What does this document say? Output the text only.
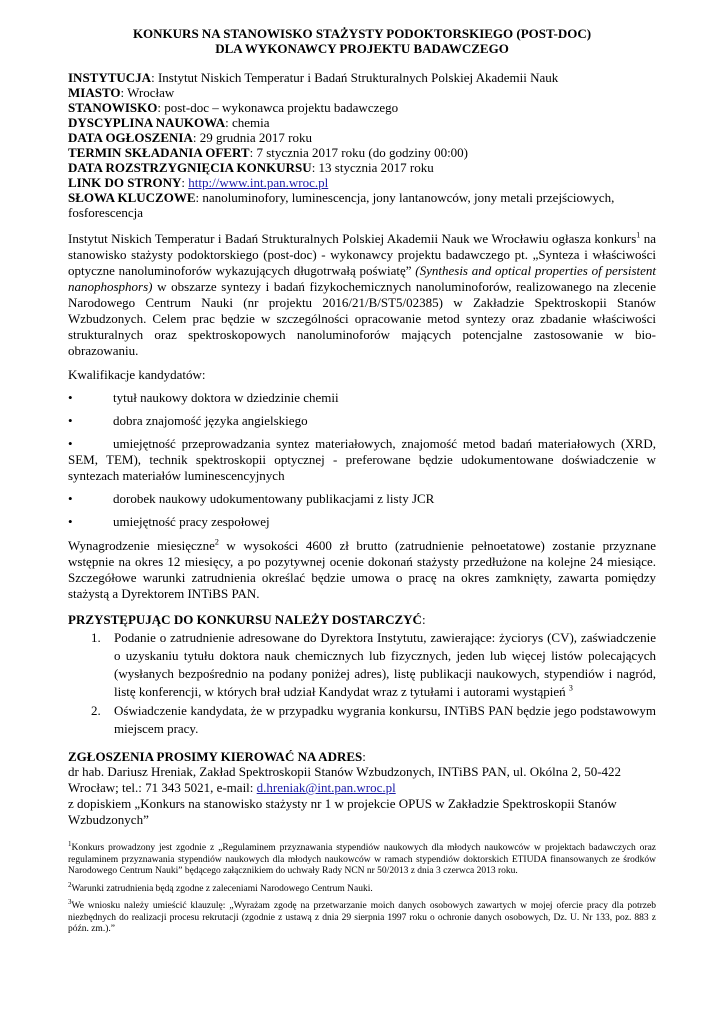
KONKURS NA STANOWISKO STAŻYSTY PODOKTORSKIEGO (POST-DOC)
DLA WYKONAWCY PROJEKTU BADAWCZEGO
INSTYTUCJA: Instytut Niskich Temperatur i Badań Strukturalnych Polskiej Akademii Nauk
MIASTO: Wrocław
STANOWISKO: post-doc – wykonawca projektu badawczego
DYSCYPLINA NAUKOWA: chemia
DATA OGŁOSZENIA: 29 grudnia 2017 roku
TERMIN SKŁADANIA OFERT: 7 stycznia 2017 roku (do godziny 00:00)
DATA ROZSTRZYGNIĘCIA KONKURSU: 13 stycznia 2017 roku
LINK DO STRONY: http://www.int.pan.wroc.pl
SŁOWA KLUCZOWE: nanoluminofory, luminescencja, jony lantanowców, jony metali przejściowych, fosforescencja

Instytut Niskich Temperatur i Badań Strukturalnych Polskiej Akademii Nauk we Wrocławiu ogłasza konkurs$^1$ na stanowisko stażysty podoktorskiego (post-doc) - wykonawcy projektu badawczego pt. „Synteza i właściwości optyczne nanoluminoforów wykazujących długotrwałą poświatę” (Synthesis and optical properties of persistent nanophosphors) w obszarze syntezy i badań fizykochemicznych nanoluminoforów, realizowanego na zlecenie Narodowego Centrum Nauki (nr projektu 2016/21/B/ST5/02385) w Zakładzie Spektroskopii Stanów Wzbudzonych. Celem prac będzie w szczególności opracowanie metod syntezy oraz zbadanie właściwości strukturalnych oraz spektroskopowych nanoluminoforów mających potencjalne zastosowanie w bio-obrazowaniu.

Kwalifikacje kandydatów:

•	tytuł naukowy doktora w dziedzinie chemii
•	dobra znajomość języka angielskiego
•	umiejętność przeprowadzania syntez materiałowych, znajomość metod badań materiałowych (XRD, SEM, TEM), technik spektroskopii optycznej - preferowane będzie udokumentowane doświadczenie w syntezach materiałów luminescencyjnych
•	dorobek naukowy udokumentowany publikacjami z listy JCR
•	umiejętność pracy zespołowej

Wynagrodzenie miesięczne$^2$ w wysokości 4600 zł brutto (zatrudnienie pełnoetatowe) zostanie przyznane wstępnie na okres 12 miesięcy, a po pozytywnej ocenie dokonań stażysty przedłużone na kolejne 24 miesiące. Szczegółowe warunki zatrudnienia określać będzie umowa o pracę na okres zamknięty, zawarta pomiędzy stażystą a Dyrektorem INTiBS PAN.

PRZYSTĘPUJĄC DO KONKURSU NALEŻY DOSTARCZYĆ:
1.	Podanie o zatrudnienie adresowane do Dyrektora Instytutu, zawierające: życiorys (CV), zaświadczenie o uzyskaniu tytułu doktora nauk chemicznych lub fizycznych, jeden lub więcej listów polecających (wysłanych bezpośrednio na podany poniżej adres), listę publikacji naukowych, stypendiów i nagród, listę konferencji, w których brał udział Kandydat wraz z tytułami i autorami wystąpień $^3$
2.	Oświadczenie kandydata, że w przypadku wygrania konkursu, INTiBS PAN będzie jego podstawowym miejscem pracy.
ZGŁOSZENIA PROSIMY KIEROWAĆ NA ADRES:
dr hab. Dariusz Hreniak, Zakład Spektroskopii Stanów Wzbudzonych, INTiBS PAN, ul. Okólna 2, 50-422 Wrocław; tel.: 71 343 5021, e-mail: d.hreniak@int.pan.wroc.pl
z dopiskiem „Konkurs na stanowisko stażysty nr 1 w projekcie OPUS w Zakładzie Spektroskopii Stanów Wzbudzonych”

$^1$Konkurs prowadzony jest zgodnie z „Regulaminem przyznawania stypendiów naukowych dla młodych naukowców w projektach badawczych oraz regulaminem przyznawania stypendiów naukowych dla młodych naukowców w ramach stypendiów doktorskich ETIUDA finansowanych ze środków Narodowego Centrum Nauki” będącego załącznikiem do uchwały Rady NCN nr 50/2013 z dnia 3 czerwca 2013 roku.

$^2$Warunki zatrudnienia będą zgodne z zaleceniami Narodowego Centrum Nauki.

$^3$We wniosku należy umieścić klauzulę: „Wyrażam zgodę na przetwarzanie moich danych osobowych zawartych w mojej ofercie pracy dla potrzeb niezbędnych do realizacji procesu rekrutacji (zgodnie z ustawą z dnia 29 sierpnia 1997 roku o ochronie danych osobowych, Dz. U. Nr 133, poz. 883 z późn. zm.).”
